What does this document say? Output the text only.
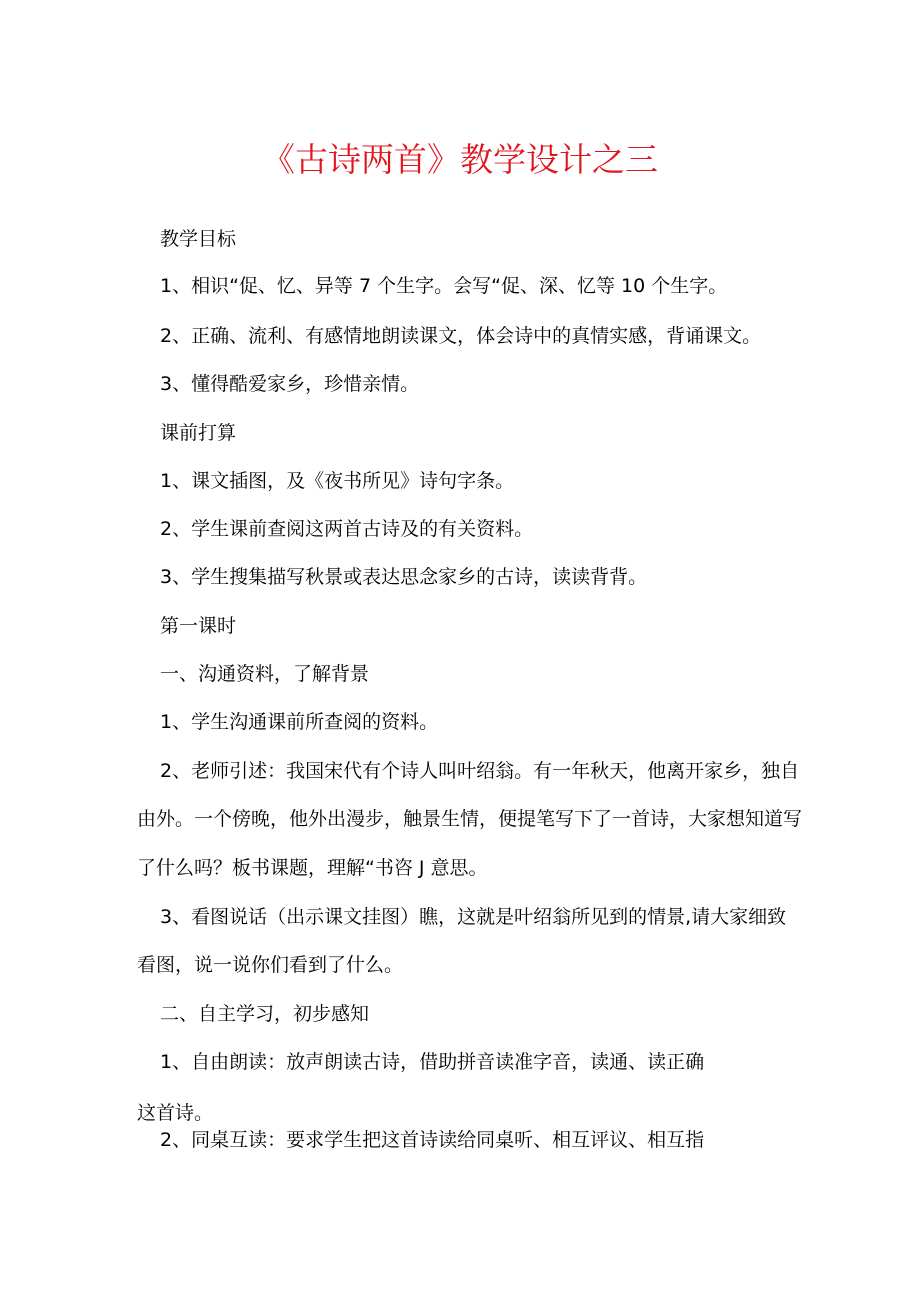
《古诗两首》教学设计之三
教学目标
1、相识“促、忆、异等 7 个生字。会写“促、深、忆等 10 个生字。
2、正确、流利、有感情地朗读课文，体会诗中的真情实感，背诵课文。
3、懂得酷爱家乡，珍惜亲情。
课前打算
1、课文插图，及《夜书所见》诗句字条。
2、学生课前查阅这两首古诗及的有关资料。
3、学生搜集描写秋景或表达思念家乡的古诗，读读背背。
第一课时
一、沟通资料，了解背景
1、学生沟通课前所查阅的资料。
2、老师引述：我国宋代有个诗人叫叶绍翁。有一年秋天，他离开家乡，独自
由外。一个傍晚，他外出漫步，触景生情，便提笔写下了一首诗，大家想知道写
了什么吗？板书课题，理解“书咨 J 意思。
3、看图说话（出示课文挂图）瞧，这就是叶绍翁所见到的情景,请大家细致
看图，说一说你们看到了什么。
二、自主学习，初步感知
1、自由朗读：放声朗读古诗，借助拼音读准字音，读通、读正确
这首诗。
2、同桌互读：要求学生把这首诗读给同桌听、相互评议、相互指
